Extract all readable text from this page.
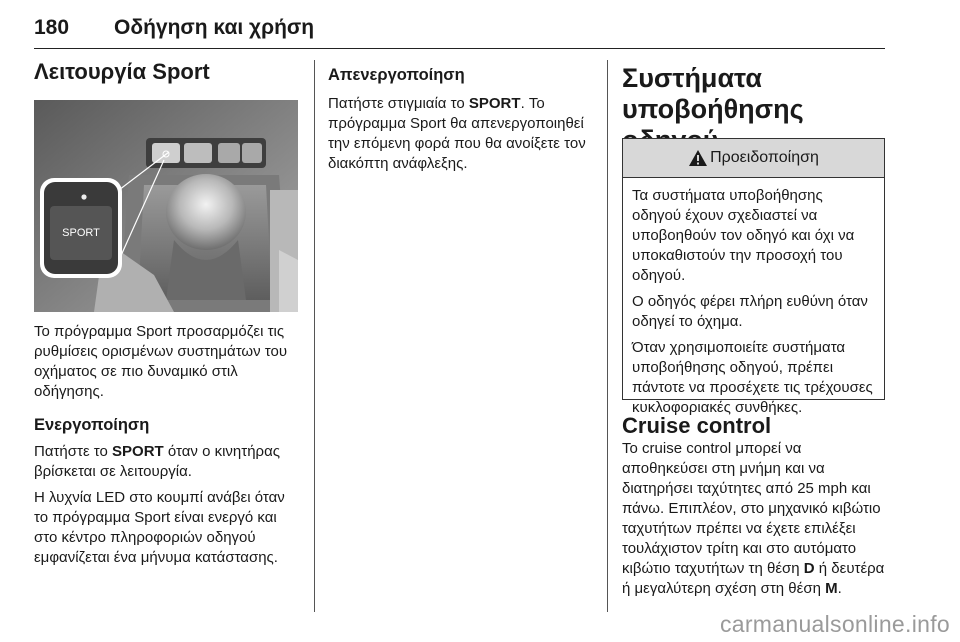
180 Οδήγηση και χρήση
Λειτουργία Sport
SPORT

Το πρόγραμμα Sport προσαρμόζει τις ρυθμίσεις ορισμένων συστημάτων του οχήματος σε πιο δυναμικό στιλ οδήγησης.

Ενεργοποίηση

Πατήστε το SPORT όταν ο κινητήρας βρίσκεται σε λειτουργία.

Η λυχνία LED στο κουμπί ανάβει όταν το πρόγραμμα Sport είναι ενεργό και στο κέντρο πληροφοριών οδηγού εμφανίζεται ένα μήνυμα κατάστασης.

Απενεργοποίηση

Πατήστε στιγμιαία το SPORT. Το πρόγραμμα Sport θα απενεργοποιηθεί την επόμενη φορά που θα ανοίξετε τον διακόπτη ανάφλεξης.

Συστήματα
υποβοήθησης
Προειδοποίηση

Τα συστήματα υποβοήθησης οδηγού έχουν σχεδιαστεί να υποβοηθούν τον οδηγό και όχι να υποκαθιστούν την προσοχή του οδηγού.

Ο οδηγός φέρει πλήρη ευθύνη όταν οδηγεί το όχημα.

Όταν χρησιμοποιείτε συστήματα υποβοήθησης οδηγού, πρέπει πάντοτε να προσέχετε τις τρέχουσες κυκλοφοριακές συνθήκες.

Cruise control

Το cruise control μπορεί να αποθηκεύσει στη μνήμη και να διατηρήσει ταχύτητες από 25 mph και πάνω. Επιπλέον, στο μηχανικό κιβώτιο ταχυτήτων πρέπει να έχετε επιλέξει τουλάχιστον τρίτη και στο αυτόματο κιβώτιο ταχυτήτων τη θέση D ή δευτέρα ή μεγαλύτερη σχέση στη θέση M.

carmanualsonline.info
